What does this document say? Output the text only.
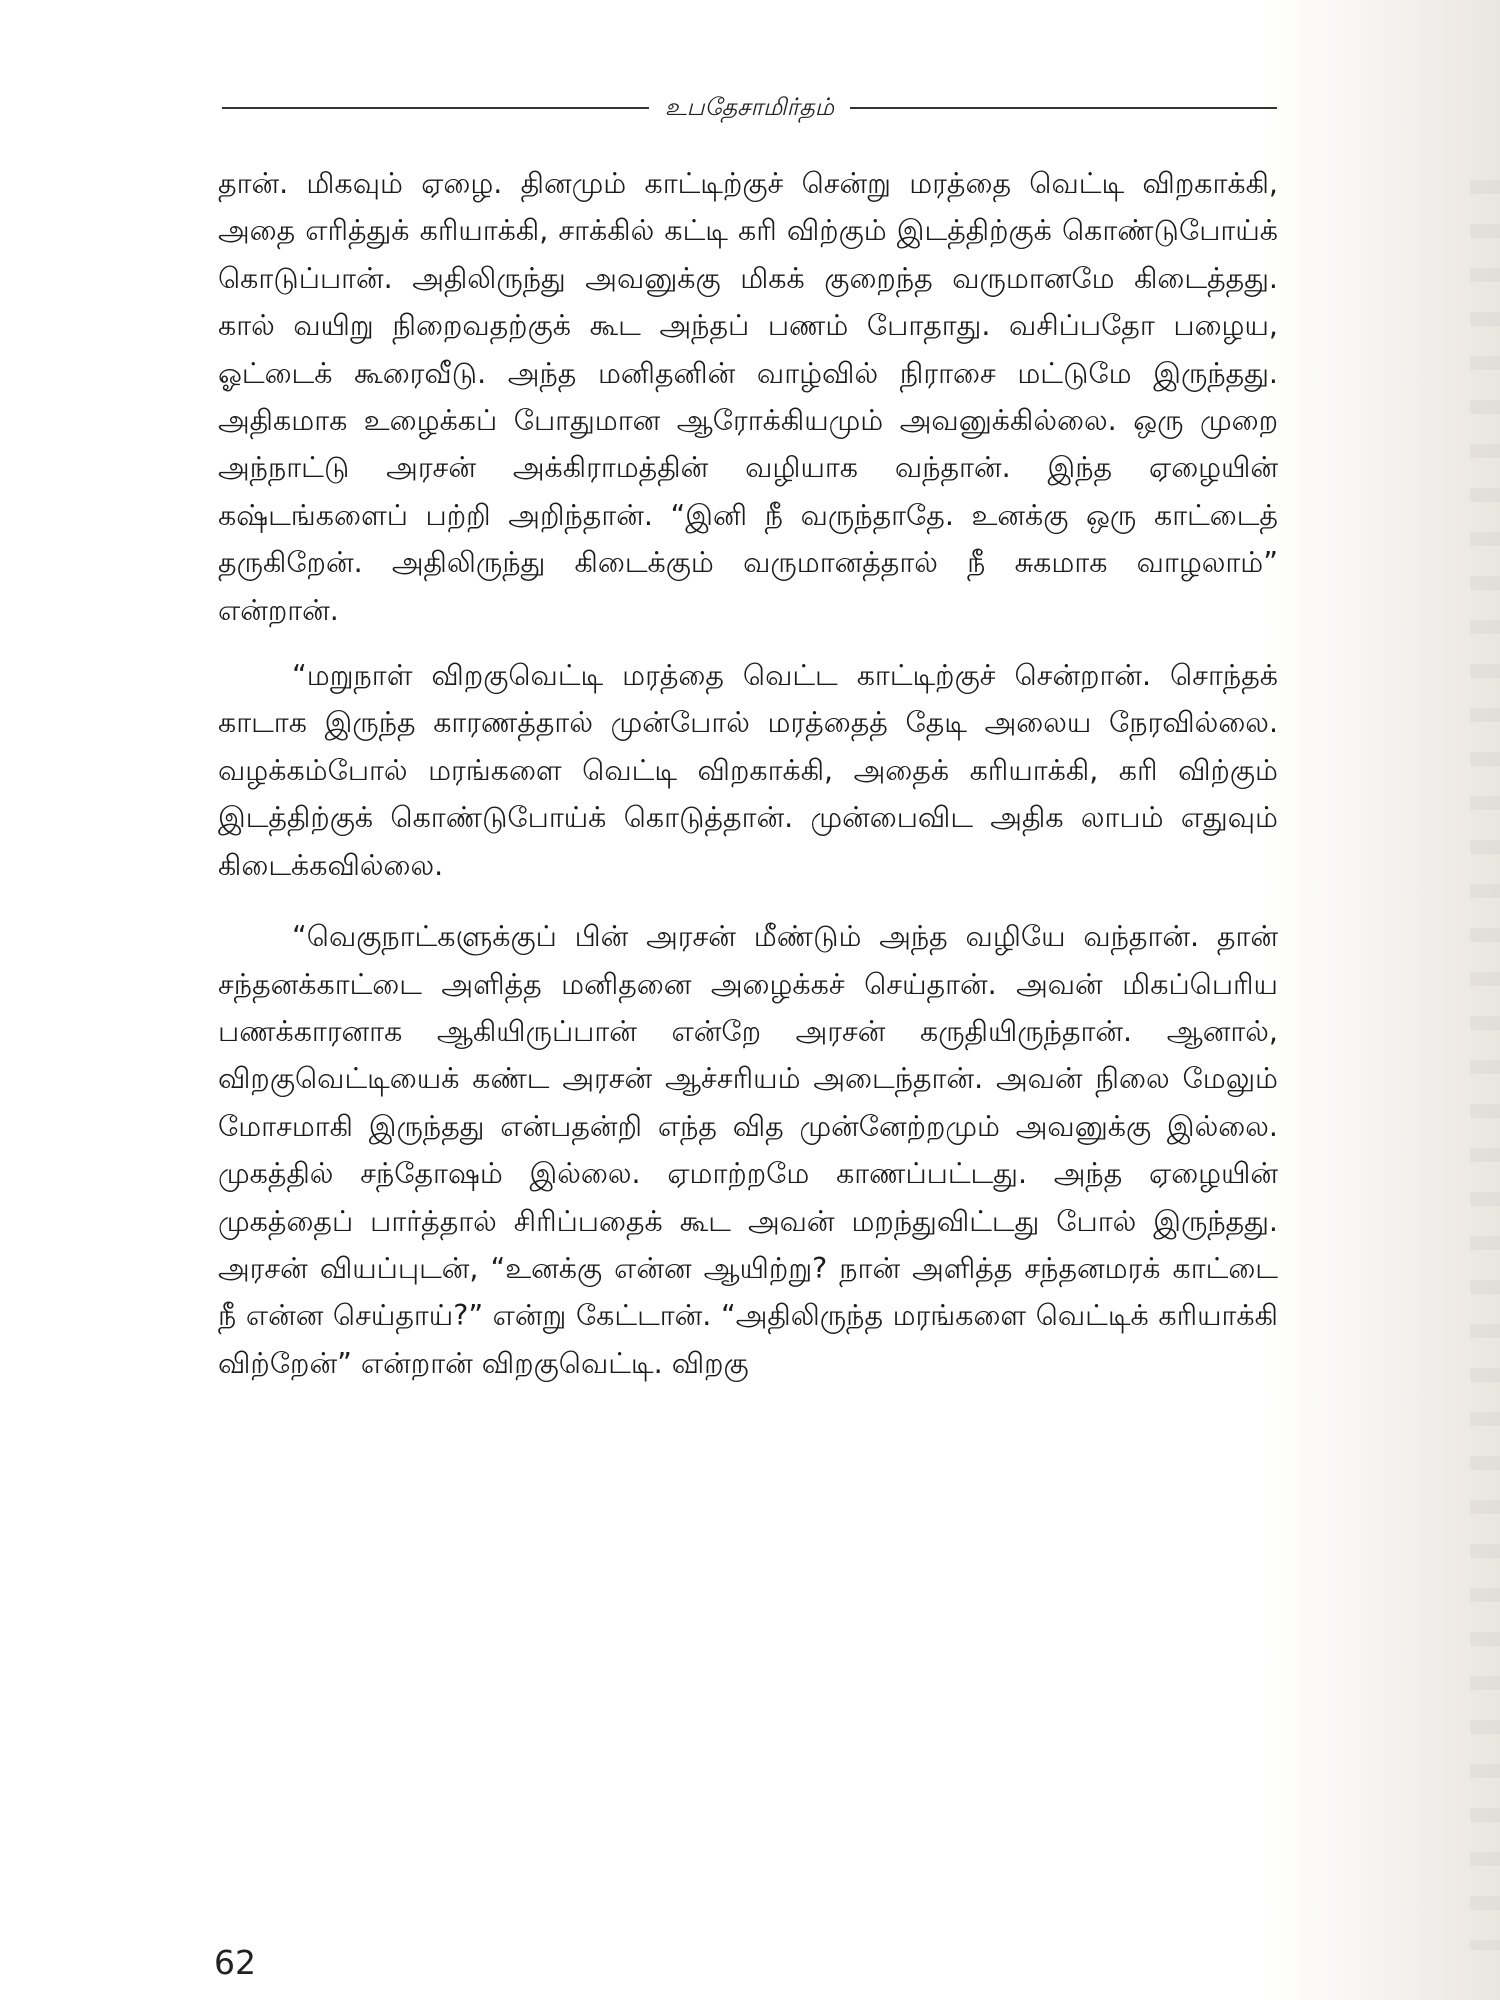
உபதேசாமிர்தம்

தான். மிகவும் ஏழை. தினமும் காட்டிற்குச் சென்று மரத்தை வெட்டி விறகாக்கி, அதை எரித்துக் கரியாக்கி, சாக்கில் கட்டி கரி விற்கும் இடத்திற்குக் கொண்டுபோய்க் கொடுப்பான். அதிலிருந்து அவனுக்கு மிகக் குறைந்த வருமானமே கிடைத்தது. கால் வயிறு நிறைவதற்குக் கூட அந்தப் பணம் போதாது. வசிப்பதோ பழைய, ஓட்டைக் கூரைவீடு. அந்த மனிதனின் வாழ்வில் நிராசை மட்டுமே இருந்தது. அதிகமாக உழைக்கப் போதுமான ஆரோக்கியமும் அவனுக்கில்லை. ஒரு முறை அந்நாட்டு அரசன் அக்கிராமத்தின் வழியாக வந்தான். இந்த ஏழையின் கஷ்டங்களைப் பற்றி அறிந்தான். “இனி நீ வருந்தாதே. உனக்கு ஒரு காட்டைத் தருகிறேன். அதிலிருந்து கிடைக்கும் வருமானத்தால் நீ சுகமாக வாழலாம்” என்றான்.

“மறுநாள் விறகுவெட்டி மரத்தை வெட்ட காட்டிற்குச் சென்றான். சொந்தக் காடாக இருந்த காரணத்தால் முன்போல் மரத்தைத் தேடி அலைய நேரவில்லை. வழக்கம்போல் மரங்களை வெட்டி விறகாக்கி, அதைக் கரியாக்கி, கரி விற்கும் இடத்திற்குக் கொண்டுபோய்க் கொடுத்தான். முன்பைவிட அதிக லாபம் எதுவும் கிடைக்கவில்லை.

“வெகுநாட்களுக்குப் பின் அரசன் மீண்டும் அந்த வழியே வந்தான். தான் சந்தனக்காட்டை அளித்த மனிதனை அழைக்கச் செய்தான். அவன் மிகப்பெரிய பணக்காரனாக ஆகியிருப்பான் என்றே அரசன் கருதியிருந்தான். ஆனால், விறகுவெட்டியைக் கண்ட அரசன் ஆச்சரியம் அடைந்தான். அவன் நிலை மேலும் மோசமாகி இருந்தது என்பதன்றி எந்த வித முன்னேற்றமும் அவனுக்கு இல்லை. முகத்தில் சந்தோஷம் இல்லை. ஏமாற்றமே காணப்பட்டது. அந்த ஏழையின் முகத்தைப் பார்த்தால் சிரிப்பதைக் கூட அவன் மறந்துவிட்டது போல் இருந்தது. அரசன் வியப்புடன், “உனக்கு என்ன ஆயிற்று? நான் அளித்த சந்தனமரக் காட்டை நீ என்ன செய்தாய்?” என்று கேட்டான். “அதிலிருந்த மரங்களை வெட்டிக் கரியாக்கி விற்றேன்” என்றான் விறகுவெட்டி. விறகு

62
